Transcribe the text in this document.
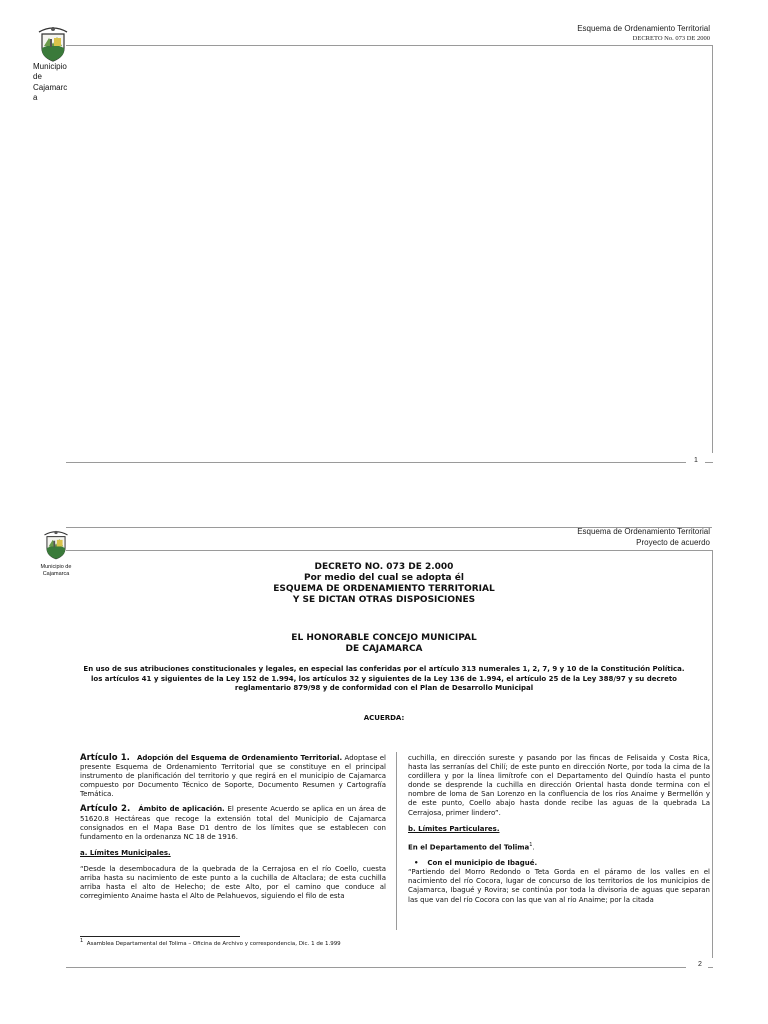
Municipio
de
Cajamarc
a
Esquema de Ordenamiento Territorial
DECRETO No. 073 DE 2000
1
Municipio de
Cajamarca
Esquema de Ordenamiento Territorial
Proyecto de acuerdo
DECRETO NO. 073 DE 2.000
Por medio del cual se adopta él
ESQUEMA DE ORDENAMIENTO TERRITORIAL
Y SE DICTAN OTRAS DISPOSICIONES
EL HONORABLE CONCEJO MUNICIPAL
DE CAJAMARCA
En uso de sus atribuciones constitucionales y legales, en especial las conferidas por el artículo 313 numerales 1, 2, 7, 9 y 10 de la Constitución Política.
los artículos 41 y siguientes de la Ley 152 de 1.994, los artículos 32 y siguientes de la Ley 136 de 1.994, el artículo 25 de la Ley 388/97 y su decreto
reglamentario 879/98 y de conformidad con el Plan de Desarrollo Municipal
ACUERDA:

Artículo 1. Adopción del Esquema de Ordenamiento Territorial. Adoptase el presente Esquema de Ordenamiento Territorial que se constituye en el principal instrumento de planificación del territorio y que regirá en el municipio de Cajamarca compuesto por Documento Técnico de Soporte, Documento Resumen y Cartografía Temática.

Artículo 2. Ámbito de aplicación. El presente Acuerdo se aplica en un área de 51620.8 Hectáreas que recoge la extensión total del Municipio de Cajamarca consignados en el Mapa Base D1 dentro de los límites que se establecen con fundamento en la ordenanza NC 18 de 1916.

a. Límites Municipales.

“Desde la desembocadura de la quebrada de la Cerrajosa en el río Coello, cuesta arriba hasta su nacimiento de este punto a la cuchilla de Altaclara; de esta cuchilla arriba hasta el alto de Helecho; de este Alto, por el camino que conduce al corregimiento Anaime hasta el Alto de Pelahuevos, siguiendo el filo de esta

cuchilla, en dirección sureste y pasando por las fincas de Felisaida y Costa Rica, hasta las serranías del Chilí; de este punto en dirección Norte, por toda la cima de la cordillera y por la línea limítrofe con el Departamento del Quindío hasta el punto donde se desprende la cuchilla en dirección Oriental hasta donde termina con el nombre de loma de San Lorenzo en la confluencia de los ríos Anaime y Bermellón y de este punto, Coello abajo hasta donde recibe las aguas de la quebrada La Cerrajosa, primer lindero”.

b. Límites Particulares.

En el Departamento del Tolima$^1$.

• Con el municipio de Ibagué.

“Partiendo del Morro Redondo o Teta Gorda en el páramo de los valles en el nacimiento del río Cocora, lugar de concurso de los territorios de los municipios de Cajamarca, Ibagué y Rovira; se continúa por toda la divisoria de aguas que separan las que van del río Cocora con las que van al río Anaime; por la citada

$^1$ Asamblea Departamental del Tolima – Oficina de Archivo y correspondencia, Dic. 1 de 1.999
2
